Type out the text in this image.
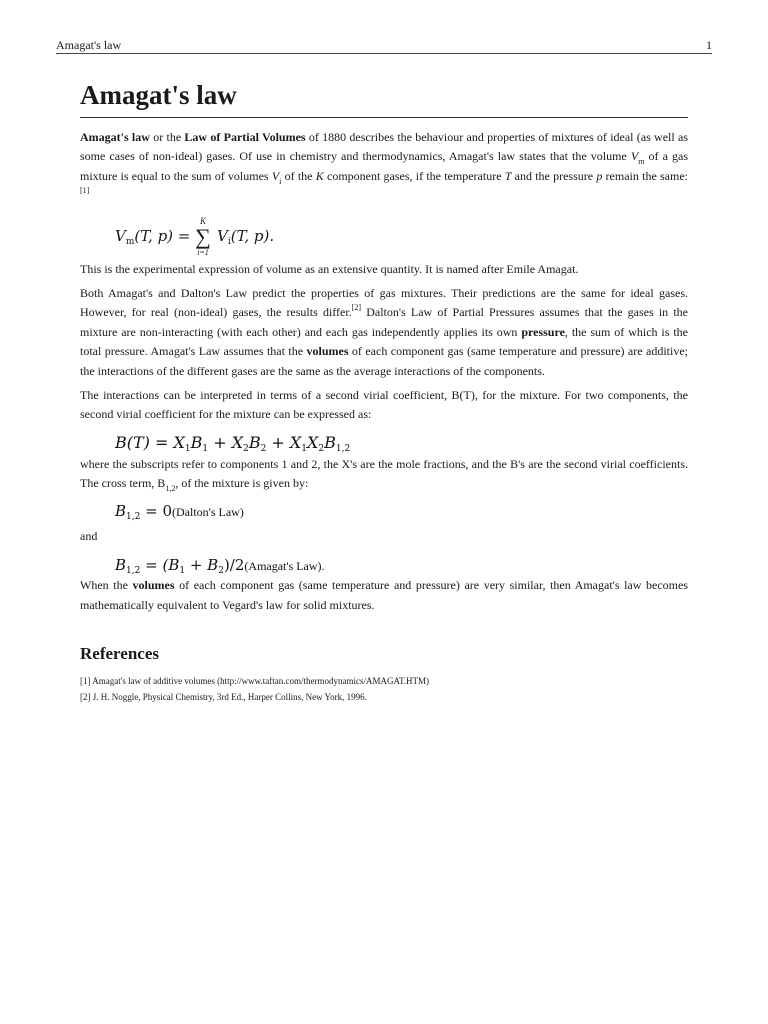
Amagat's law	1
Amagat's law

Amagat's law or the Law of Partial Volumes of 1880 describes the behaviour and properties of mixtures of ideal (as well as some cases of non-ideal) gases. Of use in chemistry and thermodynamics, Amagat's law states that the volume $V_m$ of a gas mixture is equal to the sum of volumes $V_i$ of the K component gases, if the temperature T and the pressure p remain the same:[1]

$V_m(T$, p) =
K
∑
i=1
$V_i(T$, p).

This is the experimental expression of volume as an extensive quantity. It is named after Emile Amagat.

Both Amagat's and Dalton's Law predict the properties of gas mixtures. Their predictions are the same for ideal gases. However, for real (non-ideal) gases, the results differ.[2] Dalton's Law of Partial Pressures assumes that the gases in the mixture are non-interacting (with each other) and each gas independently applies its own pressure, the sum of which is the total pressure. Amagat's Law assumes that the volumes of each component gas (same temperature and pressure) are additive; the interactions of the different gases are the same as the average interactions of the components.

The interactions can be interpreted in terms of a second virial coefficient, B(T), for the mixture. For two components, the second virial coefficient for the mixture can be expressed as:

$B(T) = X_1B_1 + X_2B_2 + X_1X_2B_{1,2}$

where the subscripts refer to components 1 and 2, the X's are the mole fractions, and the B's are the second virial coefficients. The cross term, $B_{1,2}$, of the mixture is given by:

$B_{1,2}$ = 0(Dalton's Law)

and

$B_{1,2} = (B_1$ + $B_2)/2(Amagat's$ Law).

When the volumes of each component gas (same temperature and pressure) are very similar, then Amagat's law becomes mathematically equivalent to Vegard's law for solid mixtures.

References
[1] Amagat's law of additive volumes (http://www.taftan.com/thermodynamics/AMAGAT.HTM)
[2] J. H. Noggle, Physical Chemistry, 3rd Ed., Harper Collins, New York, 1996.
